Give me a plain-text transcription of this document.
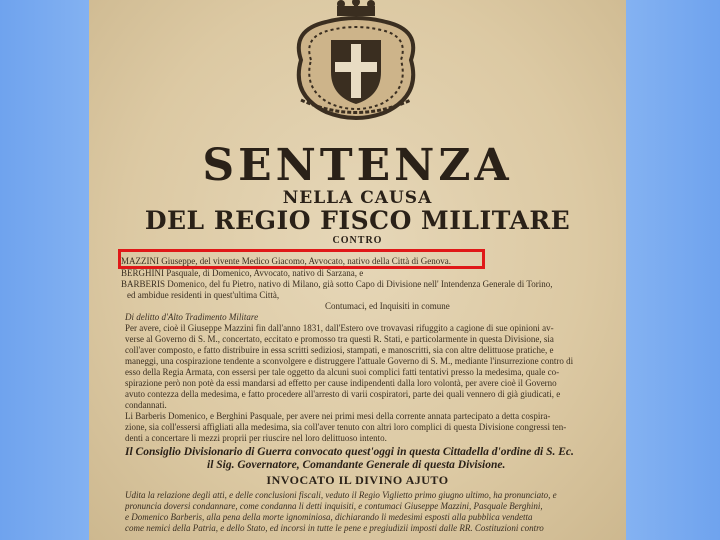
SENTENZA
NELLA CAUSA
DEL REGIO FISCO MILITARE
CONTRO
MAZZINI Giuseppe, del vivente Medico Giacomo, Avvocato, nativo della Città di Genova.
BERGHINI Pasquale, di Domenico, Avvocato, nativo di Sarzana, e
BARBERIS Domenico, del fu Pietro, nativo di Milano, già sotto Capo di Divisione nell' Intendenza Generale di Torino,
ed ambidue residenti in quest'ultima Città,
Contumaci, ed Inquisiti in comune
Di delitto d'Alto Tradimento Militare
Per avere, cioè il Giuseppe Mazzini fin dall'anno 1831, dall'Estero ove trovavasi rifuggito a cagione di sue opinioni av-
verse al Governo di S. M., concertato, eccitato e promosso tra questi R. Stati, e particolarmente in questa Divisione, sia
coll'aver composto, e fatto distribuire in essa scritti sediziosi, stampati, e manoscritti, sia con altre delittuose pratiche, e
maneggi, una cospirazione tendente a sconvolgere e distruggere l'attuale Governo di S. M., mediante l'insurrezione contro di
esso della Regia Armata, con essersi per tale oggetto da alcuni suoi complici fatti tentativi presso la medesima, quale co-
spirazione però non potè da essi mandarsi ad effetto per cause indipendenti dalla loro volontà, per avere cioè il Governo
avuto contezza della medesima, e fatto procedere all'arresto di varii cospiratori, parte dei quali vennero di già giudicati, e
condannati.
Li Barberis Domenico, e Berghini Pasquale, per avere nei primi mesi della corrente annata partecipato a detta cospira-
zione, sia coll'essersi affigliati alla medesima, sia coll'aver tenuto con altri loro complici di questa Divisione congressi ten-
denti a concertare li mezzi proprii per riuscire nel loro delittuoso intento.
Il Consiglio Divisionario di Guerra convocato quest'oggi in questa Cittadella d'ordine di S. Ec.
il Sig. Governatore, Comandante Generale di questa Divisione.
INVOCATO IL DIVINO AJUTO
Udita la relazione degli atti, e delle conclusioni fiscali, veduto il Regio Viglietto primo giugno ultimo, ha pronunciato, e
pronuncia doversi condannare, come condanna li detti inquisiti, e contumaci Giuseppe Mazzini, Pasquale Berghini,
e Domenico Barberis, alla pena della morte ignominiosa, dichiarando li medesimi esposti alla pubblica vendetta
come nemici della Patria, e dello Stato, ed incorsi in tutte le pene e pregiudizii imposti dalle RR. Costituzioni contro
